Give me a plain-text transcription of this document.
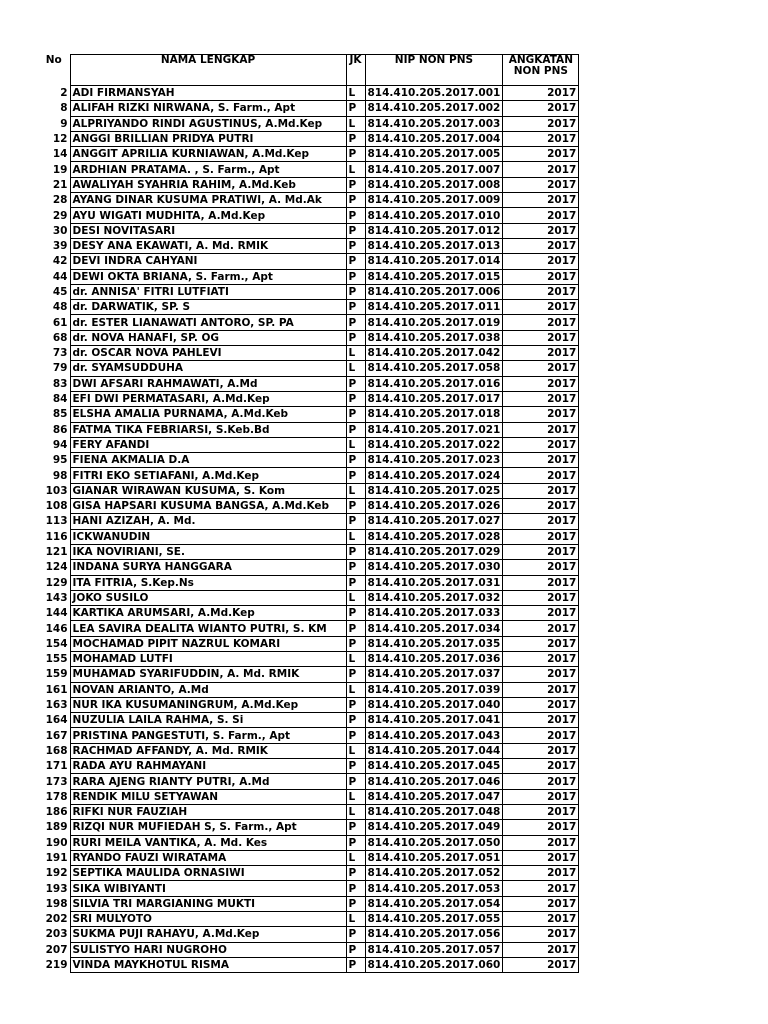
No	NAMA LENGKAP	JK	NIP NON PNS	ANGKATAN
NON PNS

2	ADI FIRMANSYAH	L	814.410.205.2017.001	2017
8	ALIFAH RIZKI NIRWANA, S. Farm., Apt	P	814.410.205.2017.002	2017
9	ALPRIYANDO RINDI AGUSTINUS, A.Md.Kep	L	814.410.205.2017.003	2017
12	ANGGI BRILLIAN PRIDYA PUTRI	P	814.410.205.2017.004	2017
14	ANGGIT APRILIA KURNIAWAN, A.Md.Kep	P	814.410.205.2017.005	2017
19	ARDHIAN PRATAMA. , S. Farm., Apt	L	814.410.205.2017.007	2017
21	AWALIYAH SYAHRIA RAHIM, A.Md.Keb	P	814.410.205.2017.008	2017
28	AYANG DINAR KUSUMA PRATIWI, A. Md.Ak	P	814.410.205.2017.009	2017
29	AYU WIGATI MUDHITA, A.Md.Kep	P	814.410.205.2017.010	2017
30	DESI NOVITASARI	P	814.410.205.2017.012	2017
39	DESY ANA EKAWATI, A. Md. RMIK	P	814.410.205.2017.013	2017
42	DEVI INDRA CAHYANI	P	814.410.205.2017.014	2017
44	DEWI OKTA BRIANA, S. Farm., Apt	P	814.410.205.2017.015	2017
45	dr. ANNISA' FITRI LUTFIATI	P	814.410.205.2017.006	2017
48	dr. DARWATIK, SP. S	P	814.410.205.2017.011	2017
61	dr. ESTER LIANAWATI ANTORO, SP. PA	P	814.410.205.2017.019	2017
68	dr. NOVA HANAFI, SP. OG	P	814.410.205.2017.038	2017
73	dr. OSCAR NOVA PAHLEVI	L	814.410.205.2017.042	2017
79	dr. SYAMSUDDUHA	L	814.410.205.2017.058	2017
83	DWI AFSARI RAHMAWATI, A.Md	P	814.410.205.2017.016	2017
84	EFI DWI PERMATASARI, A.Md.Kep	P	814.410.205.2017.017	2017
85	ELSHA AMALIA PURNAMA, A.Md.Keb	P	814.410.205.2017.018	2017
86	FATMA TIKA FEBRIARSI, S.Keb.Bd	P	814.410.205.2017.021	2017
94	FERY AFANDI	L	814.410.205.2017.022	2017
95	FIENA AKMALIA D.A	P	814.410.205.2017.023	2017
98	FITRI EKO SETIAFANI, A.Md.Kep	P	814.410.205.2017.024	2017
103	GIANAR WIRAWAN KUSUMA, S. Kom	L	814.410.205.2017.025	2017
108	GISA HAPSARI KUSUMA BANGSA, A.Md.Keb	P	814.410.205.2017.026	2017
113	HANI AZIZAH, A. Md.	P	814.410.205.2017.027	2017
116	ICKWANUDIN	L	814.410.205.2017.028	2017
121	IKA NOVIRIANI, SE.	P	814.410.205.2017.029	2017
124	INDANA SURYA HANGGARA	P	814.410.205.2017.030	2017
129	ITA FITRIA, S.Kep.Ns	P	814.410.205.2017.031	2017
143	JOKO SUSILO	L	814.410.205.2017.032	2017
144	KARTIKA ARUMSARI, A.Md.Kep	P	814.410.205.2017.033	2017
146	LEA SAVIRA DEALITA WIANTO PUTRI, S. KM	P	814.410.205.2017.034	2017
154	MOCHAMAD PIPIT NAZRUL KOMARI	P	814.410.205.2017.035	2017
155	MOHAMAD LUTFI	L	814.410.205.2017.036	2017
159	MUHAMAD SYARIFUDDIN, A. Md. RMIK	P	814.410.205.2017.037	2017
161	NOVAN ARIANTO, A.Md	L	814.410.205.2017.039	2017
163	NUR IKA KUSUMANINGRUM, A.Md.Kep	P	814.410.205.2017.040	2017
164	NUZULIA LAILA RAHMA, S. Si	P	814.410.205.2017.041	2017
167	PRISTINA PANGESTUTI, S. Farm., Apt	P	814.410.205.2017.043	2017
168	RACHMAD AFFANDY, A. Md. RMIK	L	814.410.205.2017.044	2017
171	RADA AYU RAHMAYANI	P	814.410.205.2017.045	2017
173	RARA AJENG RIANTY PUTRI, A.Md	P	814.410.205.2017.046	2017
178	RENDIK MILU SETYAWAN	L	814.410.205.2017.047	2017
186	RIFKI NUR FAUZIAH	L	814.410.205.2017.048	2017
189	RIZQI NUR MUFIEDAH S, S. Farm., Apt	P	814.410.205.2017.049	2017
190	RURI MEILA VANTIKA, A. Md. Kes	P	814.410.205.2017.050	2017
191	RYANDO FAUZI WIRATAMA	L	814.410.205.2017.051	2017
192	SEPTIKA MAULIDA ORNASIWI	P	814.410.205.2017.052	2017
193	SIKA WIBIYANTI	P	814.410.205.2017.053	2017
198	SILVIA TRI MARGIANING MUKTI	P	814.410.205.2017.054	2017
202	SRI MULYOTO	L	814.410.205.2017.055	2017
203	SUKMA PUJI RAHAYU, A.Md.Kep	P	814.410.205.2017.056	2017
207	SULISTYO HARI NUGROHO	P	814.410.205.2017.057	2017
219	VINDA MAYKHOTUL RISMA	P	814.410.205.2017.060	2017
